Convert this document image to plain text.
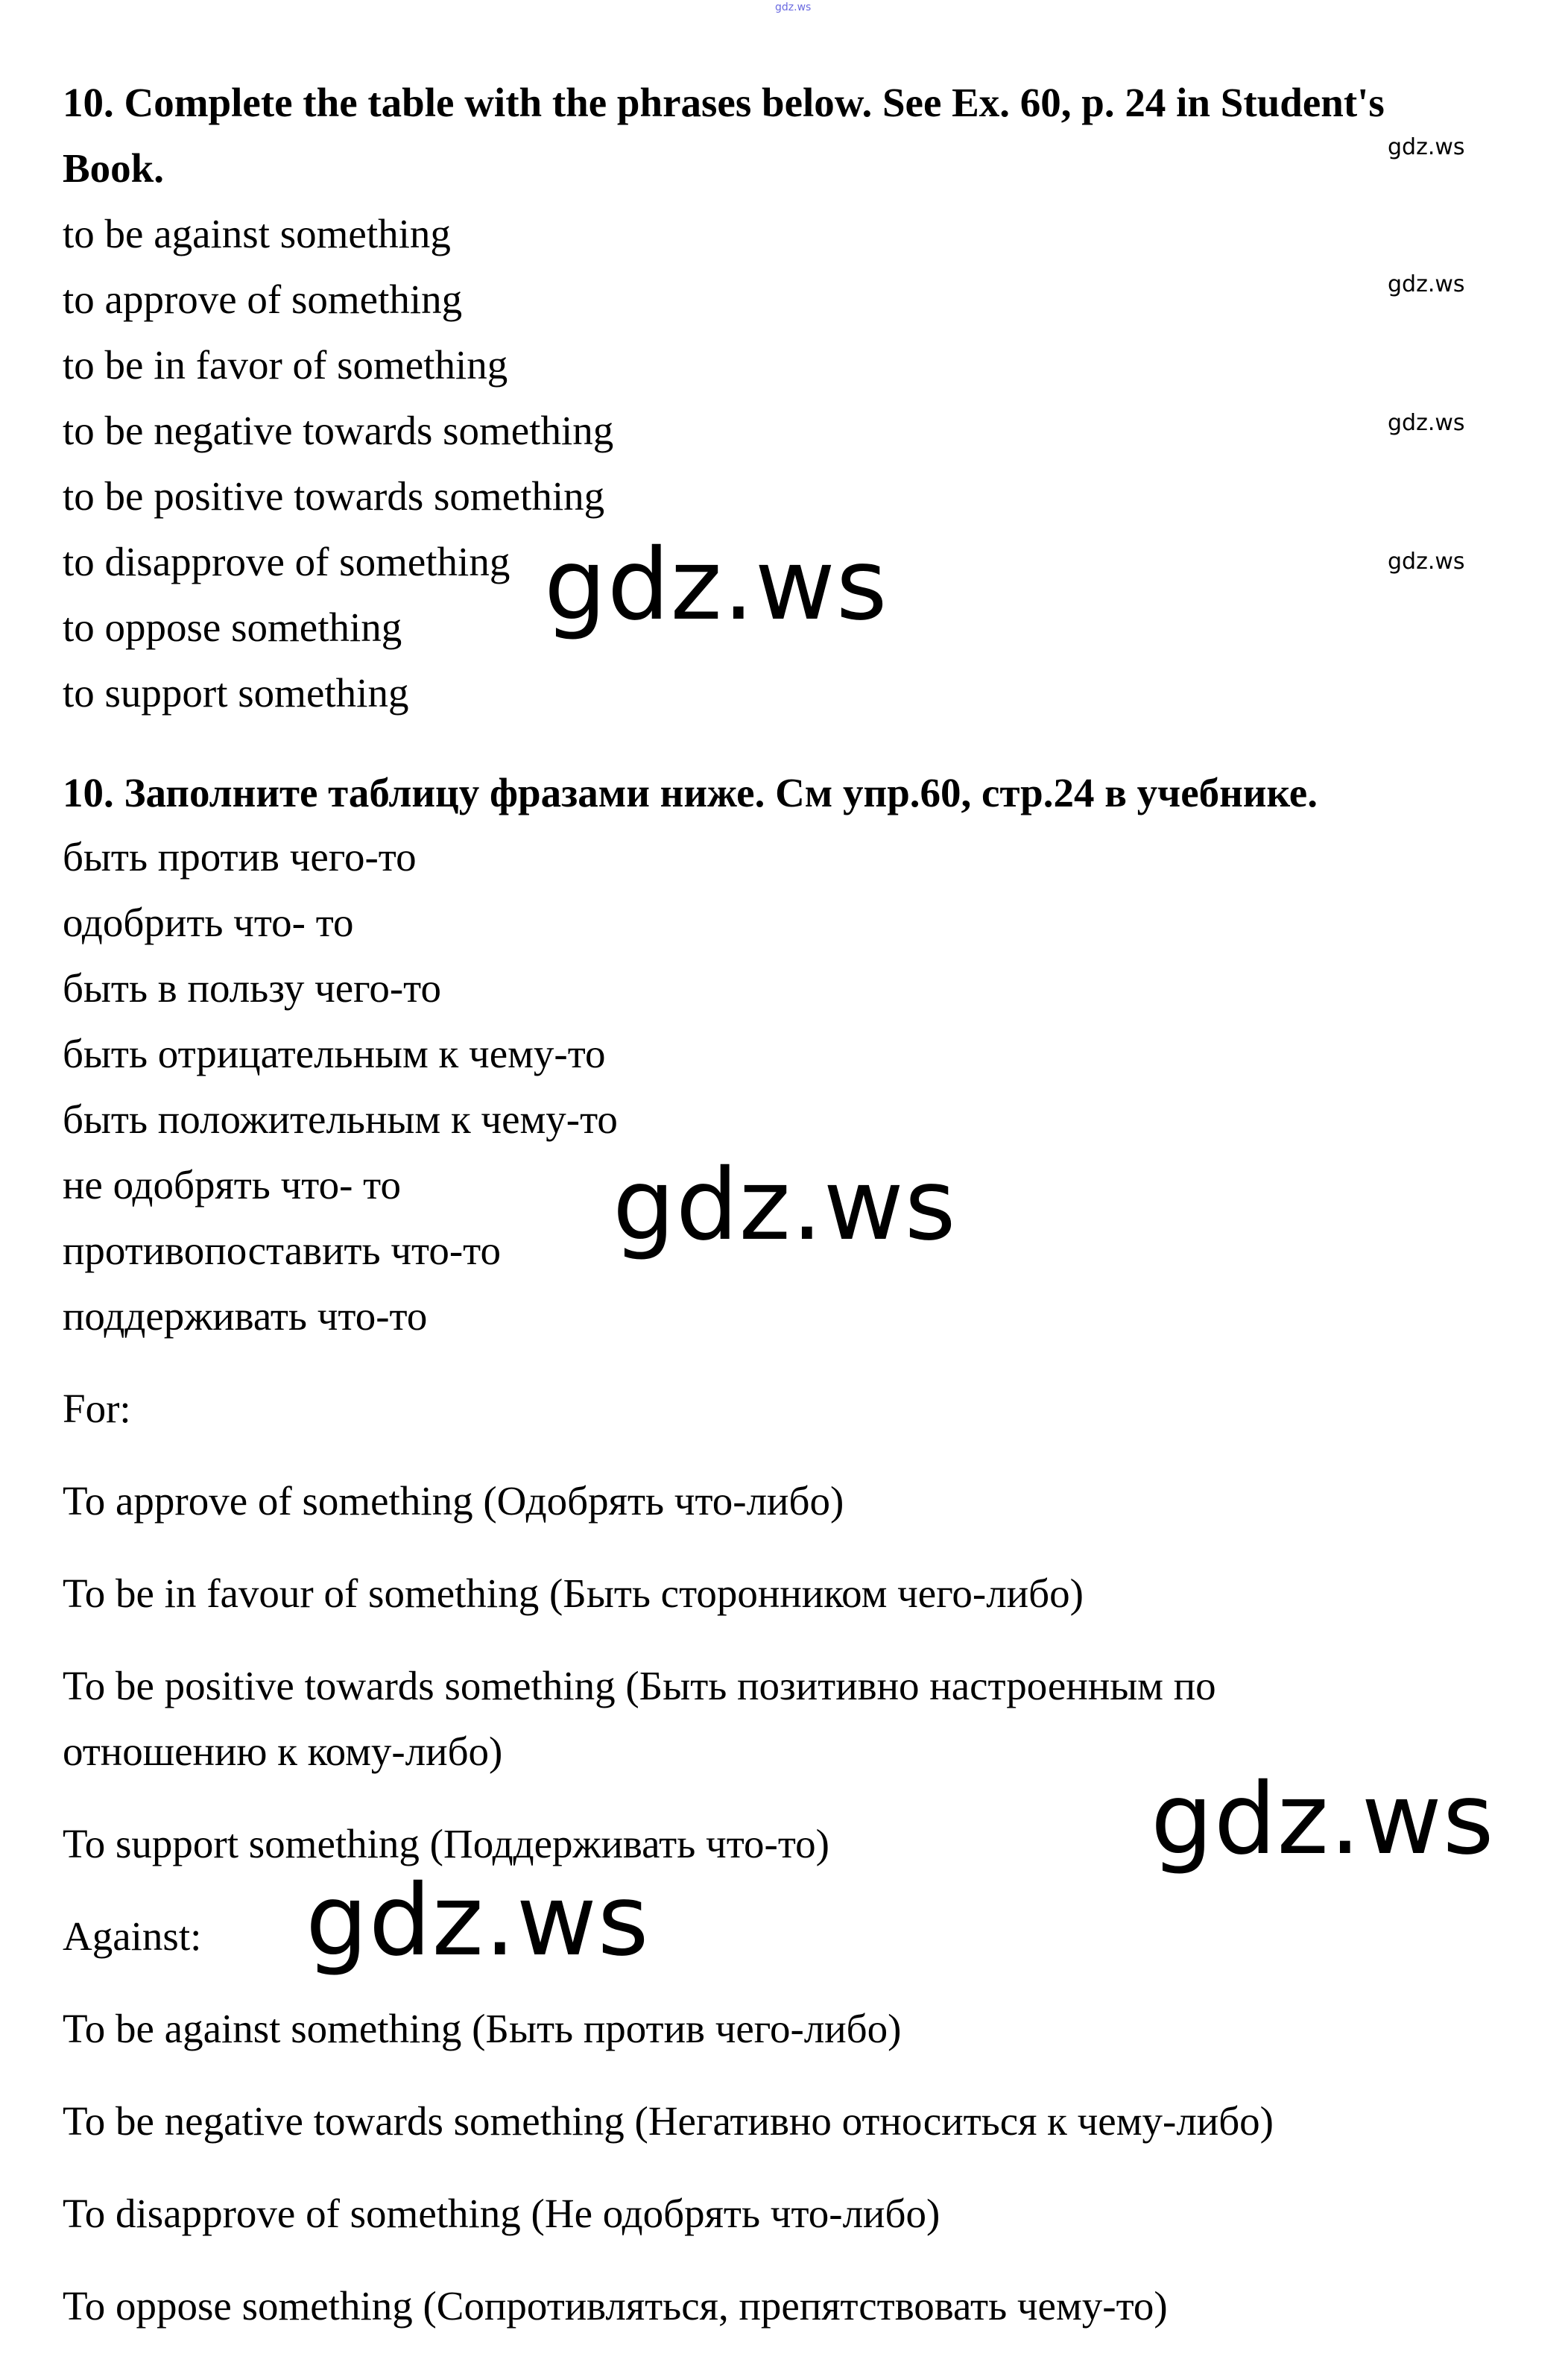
gdz.ws
10. Complete the table with the phrases below. See Ex. 60, p. 24 in Student's
Book.
to be against something
to approve of something
to be in favor of something
to be negative towards something
to be positive towards something
to disapprove of something
to oppose something
to support something
10. Заполните таблицу фразами ниже. См упр.60, стр.24 в учебнике.
быть против чего-то
одобрить что- то
быть в пользу чего-то
быть отрицательным к чему-то
быть положительным к чему-то
не одобрять что- то
противопоставить что-то
поддерживать что-то
For:
To approve of something (Одобрять что-либо)
To be in favour of something (Быть сторонником чего-либо)
To be positive towards something (Быть позитивно настроенным по
отношению к кому-либо)
To support something (Поддерживать что-то)
Against:
To be against something (Быть против чего-либо)
To be negative towards something (Негативно относиться к чему-либо)
To disapprove of something (Не одобрять что-либо)
To oppose something (Сопротивляться, препятствовать чему-то)
gdz.ws
gdz.ws
gdz.ws
gdz.ws
gdz.ws
gdz.ws
gdz.ws
gdz.ws
